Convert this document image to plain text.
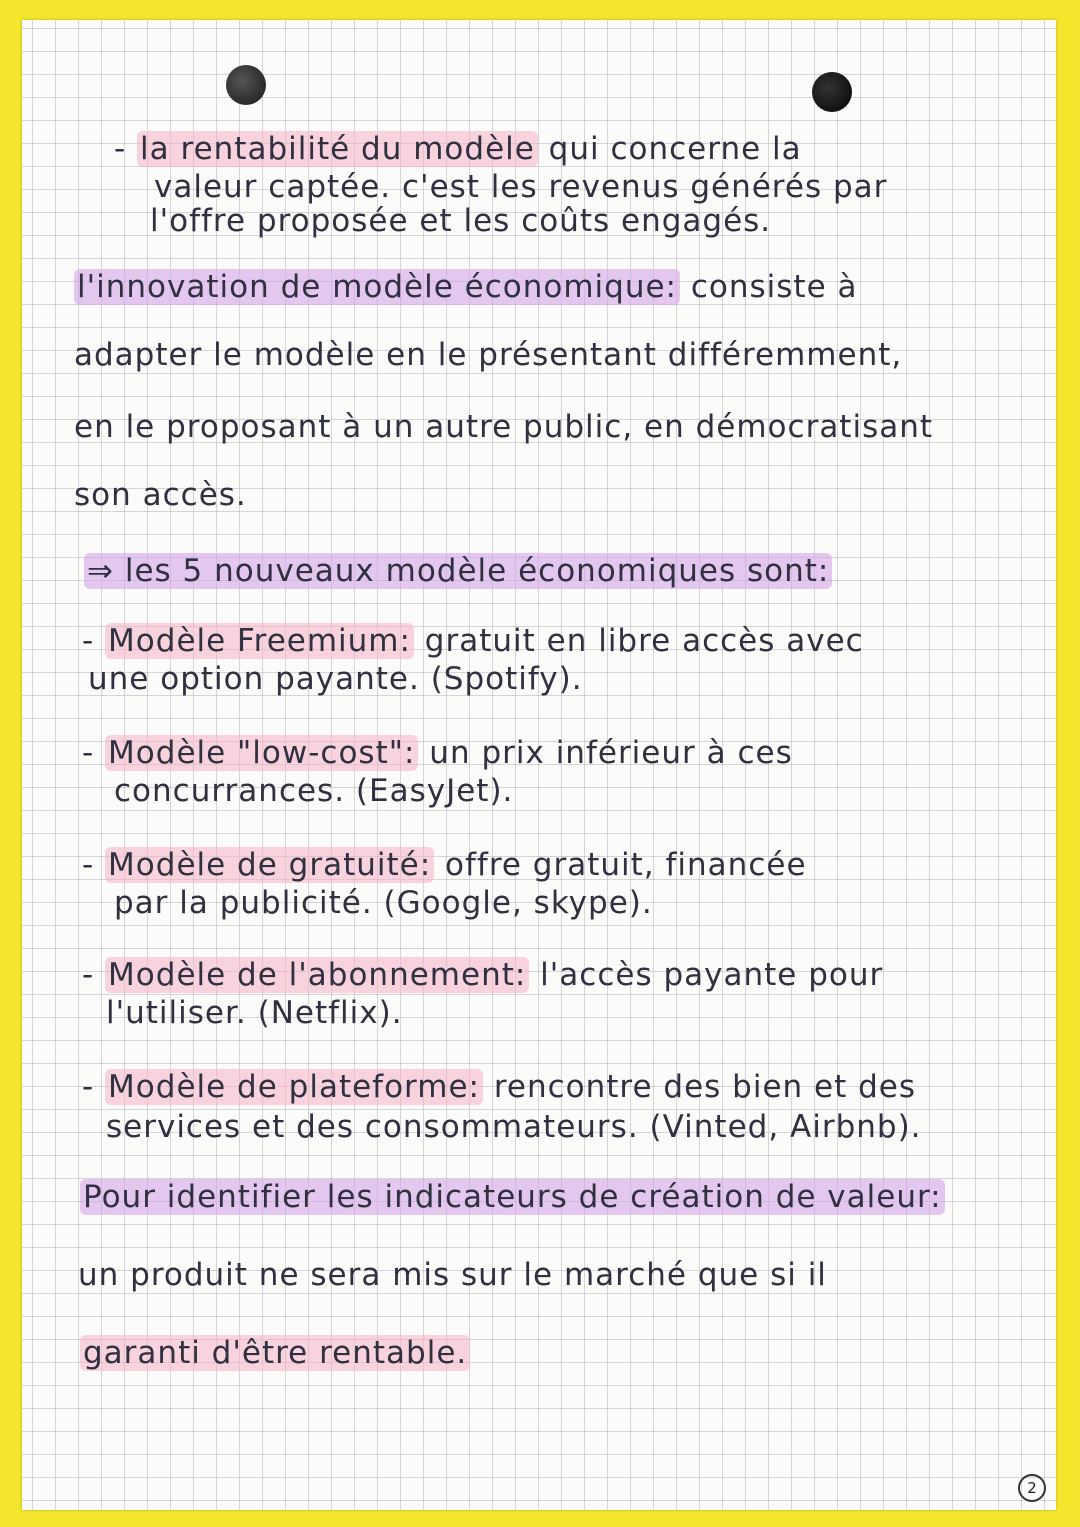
- la rentabilité du modèle qui concerne la

valeur captée. c'est les revenus générés par

l'offre proposée et les coûts engagés.

l'innovation de modèle économique: consiste à

adapter le modèle en le présentant différemment,

en le proposant à un autre public, en démocratisant

son accès.

⇒ les 5 nouveaux modèle économiques sont:

- Modèle Freemium: gratuit en libre accès avec

une option payante. (Spotify).

- Modèle "low-cost": un prix inférieur à ces

concurrances. (EasyJet).

- Modèle de gratuité: offre gratuit, financée

par la publicité. (Google, skype).

- Modèle de l'abonnement: l'accès payante pour

l'utiliser. (Netflix).

- Modèle de plateforme: rencontre des bien et des

services et des consommateurs. (Vinted, Airbnb).

Pour identifier les indicateurs de création de valeur:

un produit ne sera mis sur le marché que si il

garanti d'être rentable.

2
